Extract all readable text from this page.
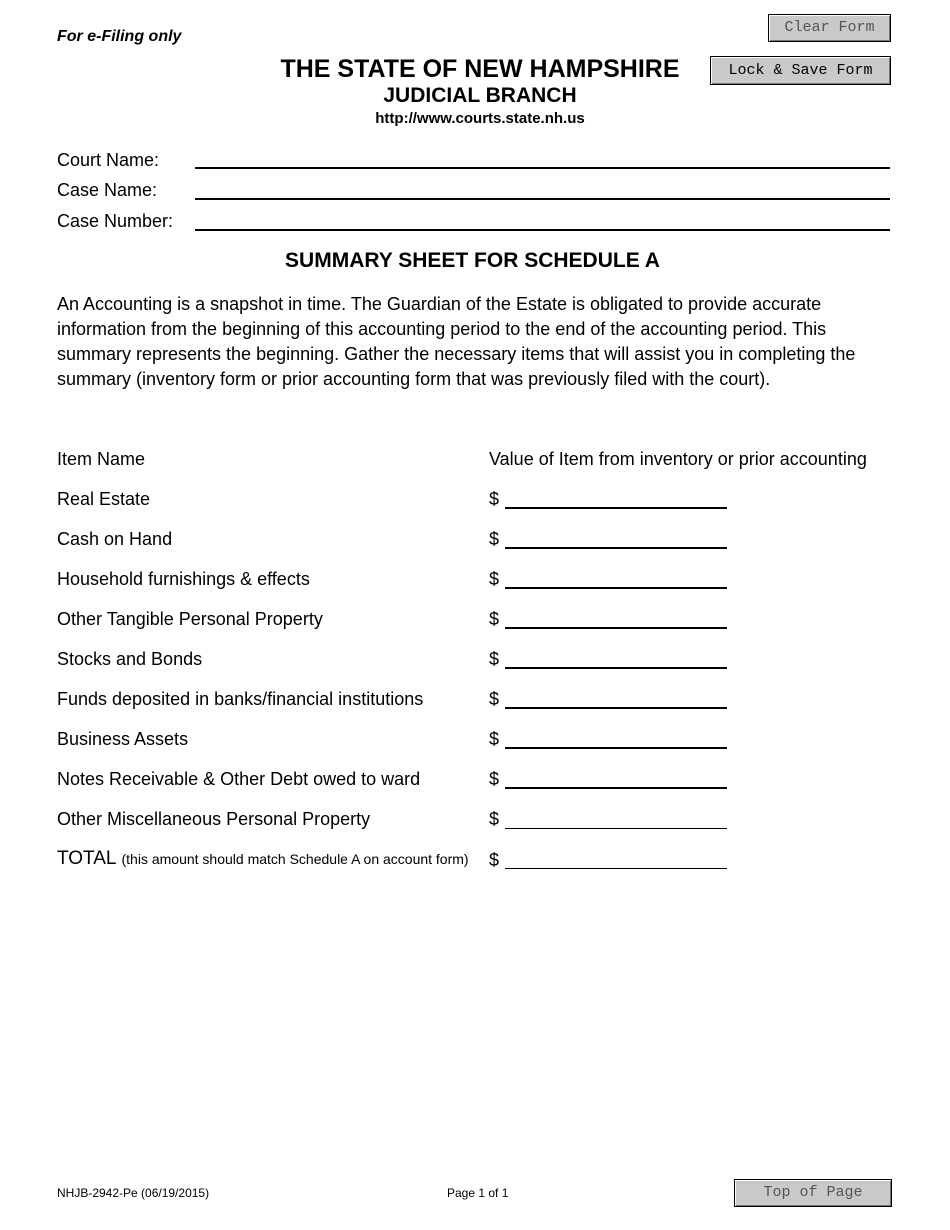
For e-Filing only
Clear Form
Lock & Save Form
THE STATE OF NEW HAMPSHIRE
JUDICIAL BRANCH
http://www.courts.state.nh.us
Court Name:
Case Name:
Case Number:
SUMMARY SHEET FOR SCHEDULE A
An Accounting is a snapshot in time. The Guardian of the Estate is obligated to provide accurate information from the beginning of this accounting period to the end of the accounting period. This summary represents the beginning. Gather the necessary items that will assist you in completing the summary (inventory form or prior accounting form that was previously filed with the court).
Item Name	Value of Item from inventory or prior accounting
Real Estate	$
Cash on Hand	$
Household furnishings & effects	$
Other Tangible Personal Property	$
Stocks and Bonds	$
Funds deposited in banks/financial institutions	$
Business Assets	$
Notes Receivable & Other Debt owed to ward	$
Other Miscellaneous Personal Property	$
TOTAL (this amount should match Schedule A on account form) $
NHJB-2942-Pe (06/19/2015)	Page 1 of 1	Top of Page
